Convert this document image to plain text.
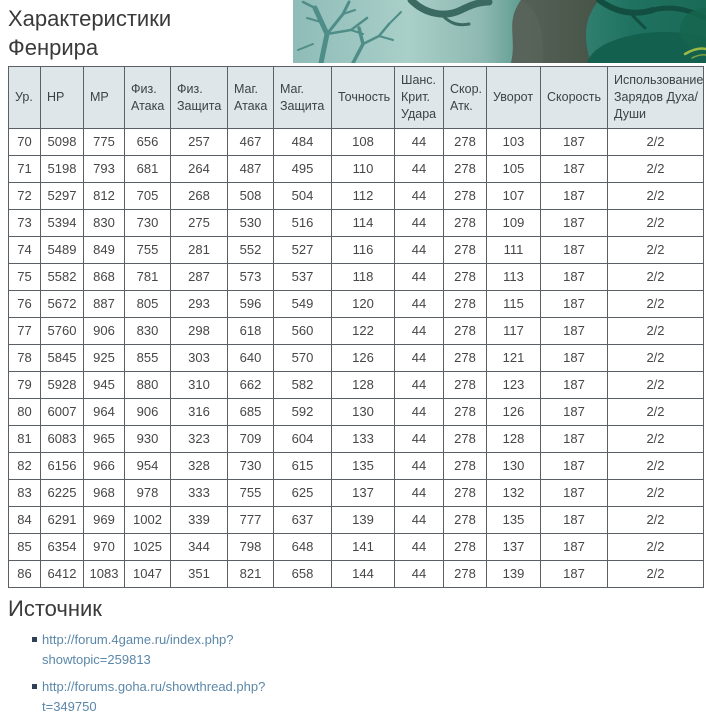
Характеристики Фенрира
Ур.	HP	MP	Физ. Атака	Физ. Защита	Маг. Атака	Маг. Защита	Точность	Шанс. Крит. Удара	Скор. Атк.	Уворот	Скорость	Использование Зарядов Духа/Души
70	5098	775	656	257	467	484	108	44	278	103	187	2/2
71	5198	793	681	264	487	495	110	44	278	105	187	2/2
72	5297	812	705	268	508	504	112	44	278	107	187	2/2
73	5394	830	730	275	530	516	114	44	278	109	187	2/2
74	5489	849	755	281	552	527	116	44	278	111	187	2/2
75	5582	868	781	287	573	537	118	44	278	113	187	2/2
76	5672	887	805	293	596	549	120	44	278	115	187	2/2
77	5760	906	830	298	618	560	122	44	278	117	187	2/2
78	5845	925	855	303	640	570	126	44	278	121	187	2/2
79	5928	945	880	310	662	582	128	44	278	123	187	2/2
80	6007	964	906	316	685	592	130	44	278	126	187	2/2
81	6083	965	930	323	709	604	133	44	278	128	187	2/2
82	6156	966	954	328	730	615	135	44	278	130	187	2/2
83	6225	968	978	333	755	625	137	44	278	132	187	2/2
84	6291	969	1002	339	777	637	139	44	278	135	187	2/2
85	6354	970	1025	344	798	648	141	44	278	137	187	2/2
86	6412	1083	1047	351	821	658	144	44	278	139	187	2/2
Источник
http://forum.4game.ru/index.php?showtopic=259813
http://forums.goha.ru/showthread.php?t=349750
